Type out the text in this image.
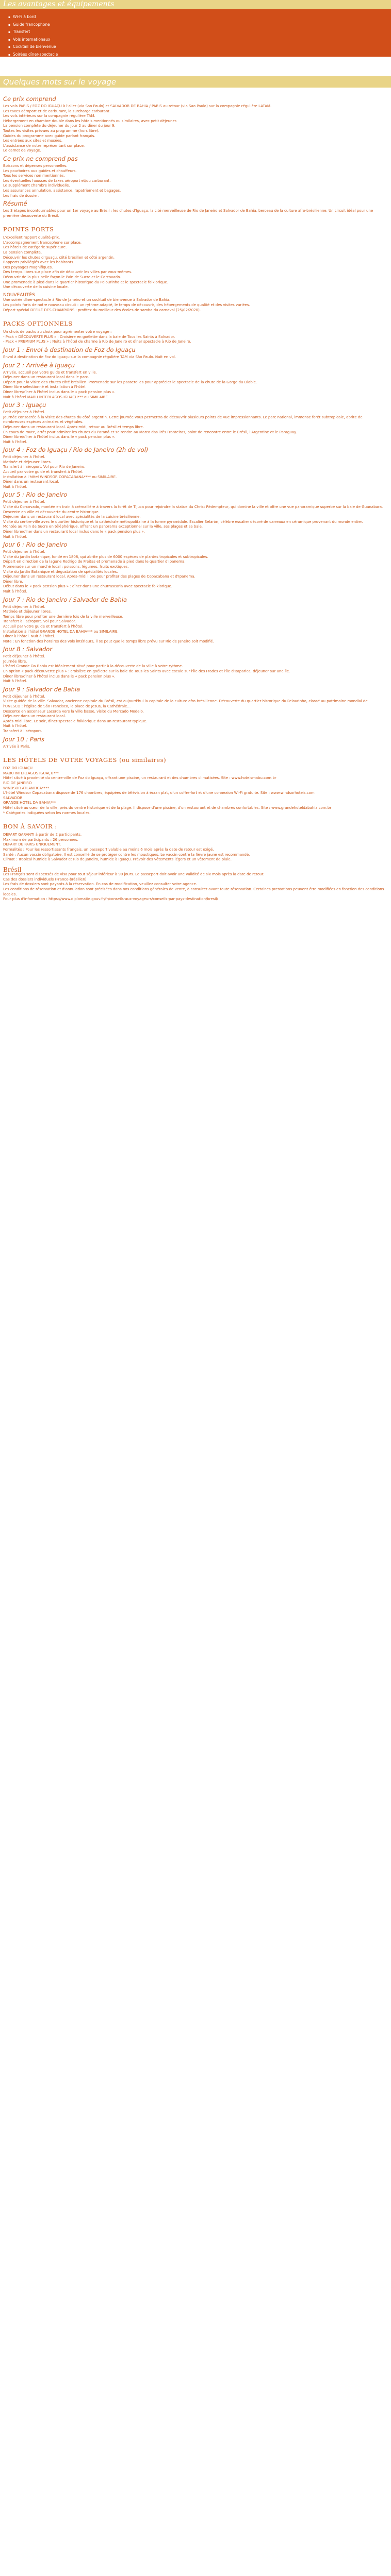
Les avantages et équipements
▪ Wi-Fi à bord
▪ Guide francophone
▪ Transfert
▪ Vols internationaux
▪ Cocktail de bienvenue
▪ Soirées dîner-spectacle
▪ Guides locaux
Quelques mots sur le voyage
Ce prix comprend

Les vols PARIS / FOZ DO IGUAÇU à l'aller (via Sao Paulo) et SALVADOR DE BAHIA / PARIS au retour (via Sao Paulo) sur la compagnie régulière LATAM.
Les taxes aéroport et de carburant, la surcharge carburant.
Les vols intérieurs sur la compagnie régulière TAM.
Hébergement en chambre double dans les hôtels mentionnés ou similaires, avec petit déjeuner.
La pension complète du déjeuner du jour 2 au dîner du jour 9.
Toutes les visites prévues au programme (hors libre).
Guides du programme avec guide parlant français.
Les entrées aux sites et musées.
L'assistance de notre représentant sur place.
Le carnet de voyage.

Ce prix ne comprend pas

Boissons et dépenses personnelles.
Les pourboires aux guides et chauffeurs.
Tous les services non mentionnés.
Les éventuelles hausses de taxes aéroport et/ou carburant.
Le supplément chambre individuelle.
Les assurances annulation, assistance, rapatriement et bagages.
Les frais de dossier.

Résumé

Les 3 étapes incontournables pour un 1er voyage au Brésil : les chutes d'Iguaçu, la cité merveilleuse de Rio de Janeiro et Salvador de Bahia, berceau de la culture afro-brésilienne. Un circuit idéal pour une première découverte du Brésil.

POINTS FORTS

L'excellent rapport qualité-prix.
L'accompagnement francophone sur place.
Les hôtels de catégorie supérieure.
La pension complète.

Découvrir les chutes d'Iguaçu, côté brésilien et côté argentin.

Rapports privilégiés avec les habitants.
Des paysages magnifiques.

Des temps libres sur place afin de découvrir les villes par vous-mêmes.

Découvrir de la plus belle façon le Pain de Sucre et le Corcovado.

Une promenade à pied dans le quartier historique du Pelourinho et le spectacle folklorique.

Une découverte de la cuisine locale.

NOUVEAUTÉS

Une soirée dîner-spectacle à Rio de Janeiro et un cocktail de bienvenue à Salvador de Bahia.

Les points forts de notre nouveau circuit : un rythme adapté, le temps de découvrir, des hébergements de qualité et des visites variées.

Départ spécial DEFILÉ DES CHAMPIONS : profitez du meilleur des écoles de samba du carnaval (25/02/2020).

PACKS OPTIONNELS

Un choix de packs au choix pour agrémenter votre voyage :
- Pack « DÉCOUVERTE PLUS » : Croisière en goélette dans la baie de Tous les Saints à Salvador.
- Pack « PREMIUM PLUS » : Nuits à l'hôtel de charme à Rio de Janeiro et dîner spectacle à Rio de Janeiro.

Jour 1 : Envol à destination de Foz do Iguaçu

Envol à destination de Foz do Iguaçu sur la compagnie régulière TAM via São Paulo. Nuit en vol.

Jour 2 : Arrivée à Iguaçu

Arrivée, accueil par votre guide et transfert en ville.
Déjeuner dans un restaurant local dans le parc.
Départ pour la visite des chutes côté brésilien. Promenade sur les passerelles pour apprécier le spectacle de la chute de la Gorge du Diable.
Dîner libre sélectionné et installation à l'hôtel.

Dîner libre/dîner à l'hôtel inclus dans le « pack pension plus ».

Nuit à l'hôtel MABU INTERLAGOS IGUAÇU*** ou SIMILAIRE

Jour 3 : Iguaçu

Petit déjeuner à l'hôtel.
Journée consacrée à la visite des chutes du côté argentin. Cette journée vous permettra de découvrir plusieurs points de vue impressionnants. Le parc national, immense forêt subtropicale, abrite de nombreuses espèces animales et végétales.
Déjeuner dans un restaurant local. Après-midi, retour au Brésil et temps libre.

En cours de route, arrêt pour admirer les chutes du Paraná et se rendre au Marco das Três Fronteiras, point de rencontre entre le Brésil, l'Argentine et le Paraguay.

Dîner libre/dîner à l'hôtel inclus dans le « pack pension plus ».
Nuit à l'hôtel.

Jour 4 : Foz do Iguaçu / Rio de Janeiro (2h de vol)

Petit déjeuner à l'hôtel.
Matinée et déjeuner libres.
Transfert à l'aéroport. Vol pour Rio de Janeiro.
Accueil par votre guide et transfert à l'hôtel.

Installation à l'hôtel WINDSOR COPACABANA**** ou SIMILAIRE.

Dîner dans un restaurant local.
Nuit à l'hôtel.

Jour 5 : Rio de Janeiro

Petit déjeuner à l'hôtel.
Visite du Corcovado, montée en train à crémaillère à travers la forêt de Tijuca pour rejoindre la statue du Christ Rédempteur, qui domine la ville et offre une vue panoramique superbe sur la baie de Guanabara.
Descente en ville et découverte du centre historique.

Déjeuner dans un restaurant local avec spécialités de la cuisine brésilienne.

Visite du centre-ville avec le quartier historique et la cathédrale métropolitaine à la forme pyramidale. Escalier Selarón, célèbre escalier décoré de carreaux en céramique provenant du monde entier.
Montée au Pain de Sucre en téléphérique, offrant un panorama exceptionnel sur la ville, ses plages et sa baie.

Dîner libre/dîner dans un restaurant local inclus dans le « pack pension plus ».
Nuit à l'hôtel.

Jour 6 : Rio de Janeiro

Petit déjeuner à l'hôtel.
Visite du jardin botanique, fondé en 1808, qui abrite plus de 6000 espèces de plantes tropicales et subtropicales.
Départ en direction de la lagune Rodrigo de Freitas et promenade à pied dans le quartier d'Ipanema.

Promenade sur un marché local : poissons, légumes, fruits exotiques.

Visite du Jardin Botanique et dégustation de spécialités locales.
Déjeuner dans un restaurant local. Après-midi libre pour profiter des plages de Copacabana et d'Ipanema.

Dîner libre.
Début dans le « pack pension plus » : dîner dans une churrascaria avec spectacle folklorique.
Nuit à l'hôtel.

Jour 7 : Rio de Janeiro / Salvador de Bahia

Petit déjeuner à l'hôtel.
Matinée et déjeuner libres.
Temps libre pour profiter une dernière fois de la ville merveilleuse.
Transfert à l'aéroport. Vol pour Salvador.
Accueil par votre guide et transfert à l'hôtel.
Installation à l'hôtel GRANDE HOTEL DA BAHIA*** ou SIMILAIRE.

Dîner à l'hôtel. Nuit à l'hôtel.

Note : En fonction des horaires des vols intérieurs, il se peut que le temps libre prévu sur Rio de Janeiro soit modifié.

Jour 8 : Salvador

Petit déjeuner à l'hôtel.
Journée libre.
L'hôtel Grande Da Bahia est idéalement situé pour partir à la découverte de la ville à votre rythme.
En option « pack découverte plus » : croisière en goélette sur la baie de Tous les Saints avec escale sur l'île des Frades et l'île d'Itaparica, déjeuner sur une île.

Dîner libre/dîner à l'hôtel inclus dans le « pack pension plus ».
Nuit à l'hôtel.

Jour 9 : Salvador de Bahia

Petit déjeuner à l'hôtel.
Visite guidée de la ville. Salvador, ancienne capitale du Brésil, est aujourd'hui la capitale de la culture afro-brésilienne. Découverte du quartier historique du Pelourinho, classé au patrimoine mondial de l'UNESCO : l'église de São Francisco, la place de Jesus, la Cathédrale...
Descente en ascenseur Lacerda vers la ville basse, visite du Mercado Modelo.

Déjeuner dans un restaurant local.

Après-midi libre. Le soir, dîner-spectacle folklorique dans un restaurant typique.
Nuit à l'hôtel.

Transfert à l'aéroport.

Jour 10 : Paris

Arrivée à Paris.

LES HÔTELS DE VOTRE VOYAGES (ou similaires)

FOZ DO IGUAÇU

MABU INTERLAGOS IGUAÇU***
Hôtel situé à proximité du centre-ville de Foz do Iguaçu, offrant une piscine, un restaurant et des chambres climatisées. Site : www.hoteismabu.com.br

RIO DE JANEIRO

WINDSOR ATLANTICA****
L'hôtel Windsor Copacabana dispose de 176 chambres, équipées de télévision à écran plat, d'un coffre-fort et d'une connexion Wi-Fi gratuite. Site : www.windsorhoteis.com

SALVADOR

GRANDE HOTEL DA BAHIA***
Hôtel situé au cœur de la ville, près du centre historique et de la plage. Il dispose d'une piscine, d'un restaurant et de chambres confortables. Site : www.grandehoteldabahia.com.br

* Catégories indiquées selon les normes locales.

BON À SAVOIR :

DÉPART GARANTI à partir de 2 participants.
Maximum de participants : 26 personnes.

DÉPART DE PARIS UNIQUEMENT.

Formalités : Pour les ressortissants français, un passeport valable au moins 6 mois après la date de retour est exigé.

Santé : Aucun vaccin obligatoire. Il est conseillé de se protéger contre les moustiques. Le vaccin contre la fièvre jaune est recommandé.

Climat : Tropical humide à Salvador et Rio de Janeiro, humide à Iguaçu. Prévoir des vêtements légers et un vêtement de pluie.

Brésil

Les Français sont dispensés de visa pour tout séjour inférieur à 90 jours. Le passeport doit avoir une validité de six mois après la date de retour.

Cas des dossiers individuels (France-brésilien)

Les frais de dossiers sont payants à la réservation. En cas de modification, veuillez consulter votre agence.

Les conditions de réservation et d'annulation sont précisées dans nos conditions générales de vente, à consulter avant toute réservation. Certaines prestations peuvent être modifiées en fonction des conditions locales.

Pour plus d'information : https://www.diplomatie.gouv.fr/fr/conseils-aux-voyageurs/conseils-par-pays-destination/bresil/
